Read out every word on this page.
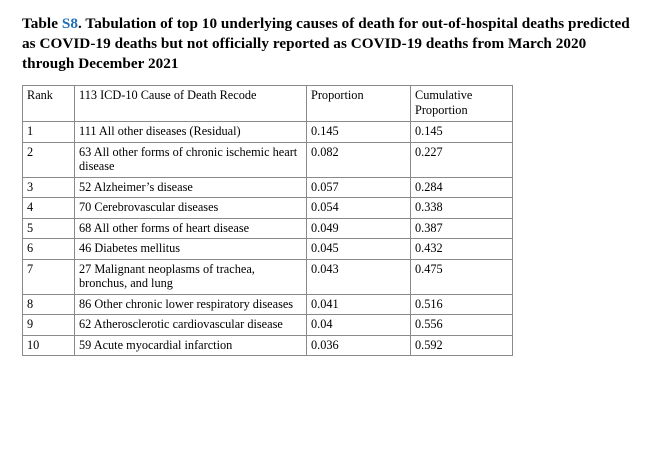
Table S8. Tabulation of top 10 underlying causes of death for out-of-hospital deaths predicted as COVID-19 deaths but not officially reported as COVID-19 deaths from March 2020 through December 2021

Rank	113 ICD-10 Cause of Death Recode	Proportion	Cumulative Proportion
1	111 All other diseases (Residual)	0.145	0.145
2	63 All other forms of chronic ischemic heart disease	0.082	0.227
3	52 Alzheimer’s disease	0.057	0.284
4	70 Cerebrovascular diseases	0.054	0.338
5	68 All other forms of heart disease	0.049	0.387
6	46 Diabetes mellitus	0.045	0.432
7	27 Malignant neoplasms of trachea, bronchus, and lung	0.043	0.475
8	86 Other chronic lower respiratory diseases	0.041	0.516
9	62 Atherosclerotic cardiovascular disease	0.04	0.556
10	59 Acute myocardial infarction	0.036	0.592
